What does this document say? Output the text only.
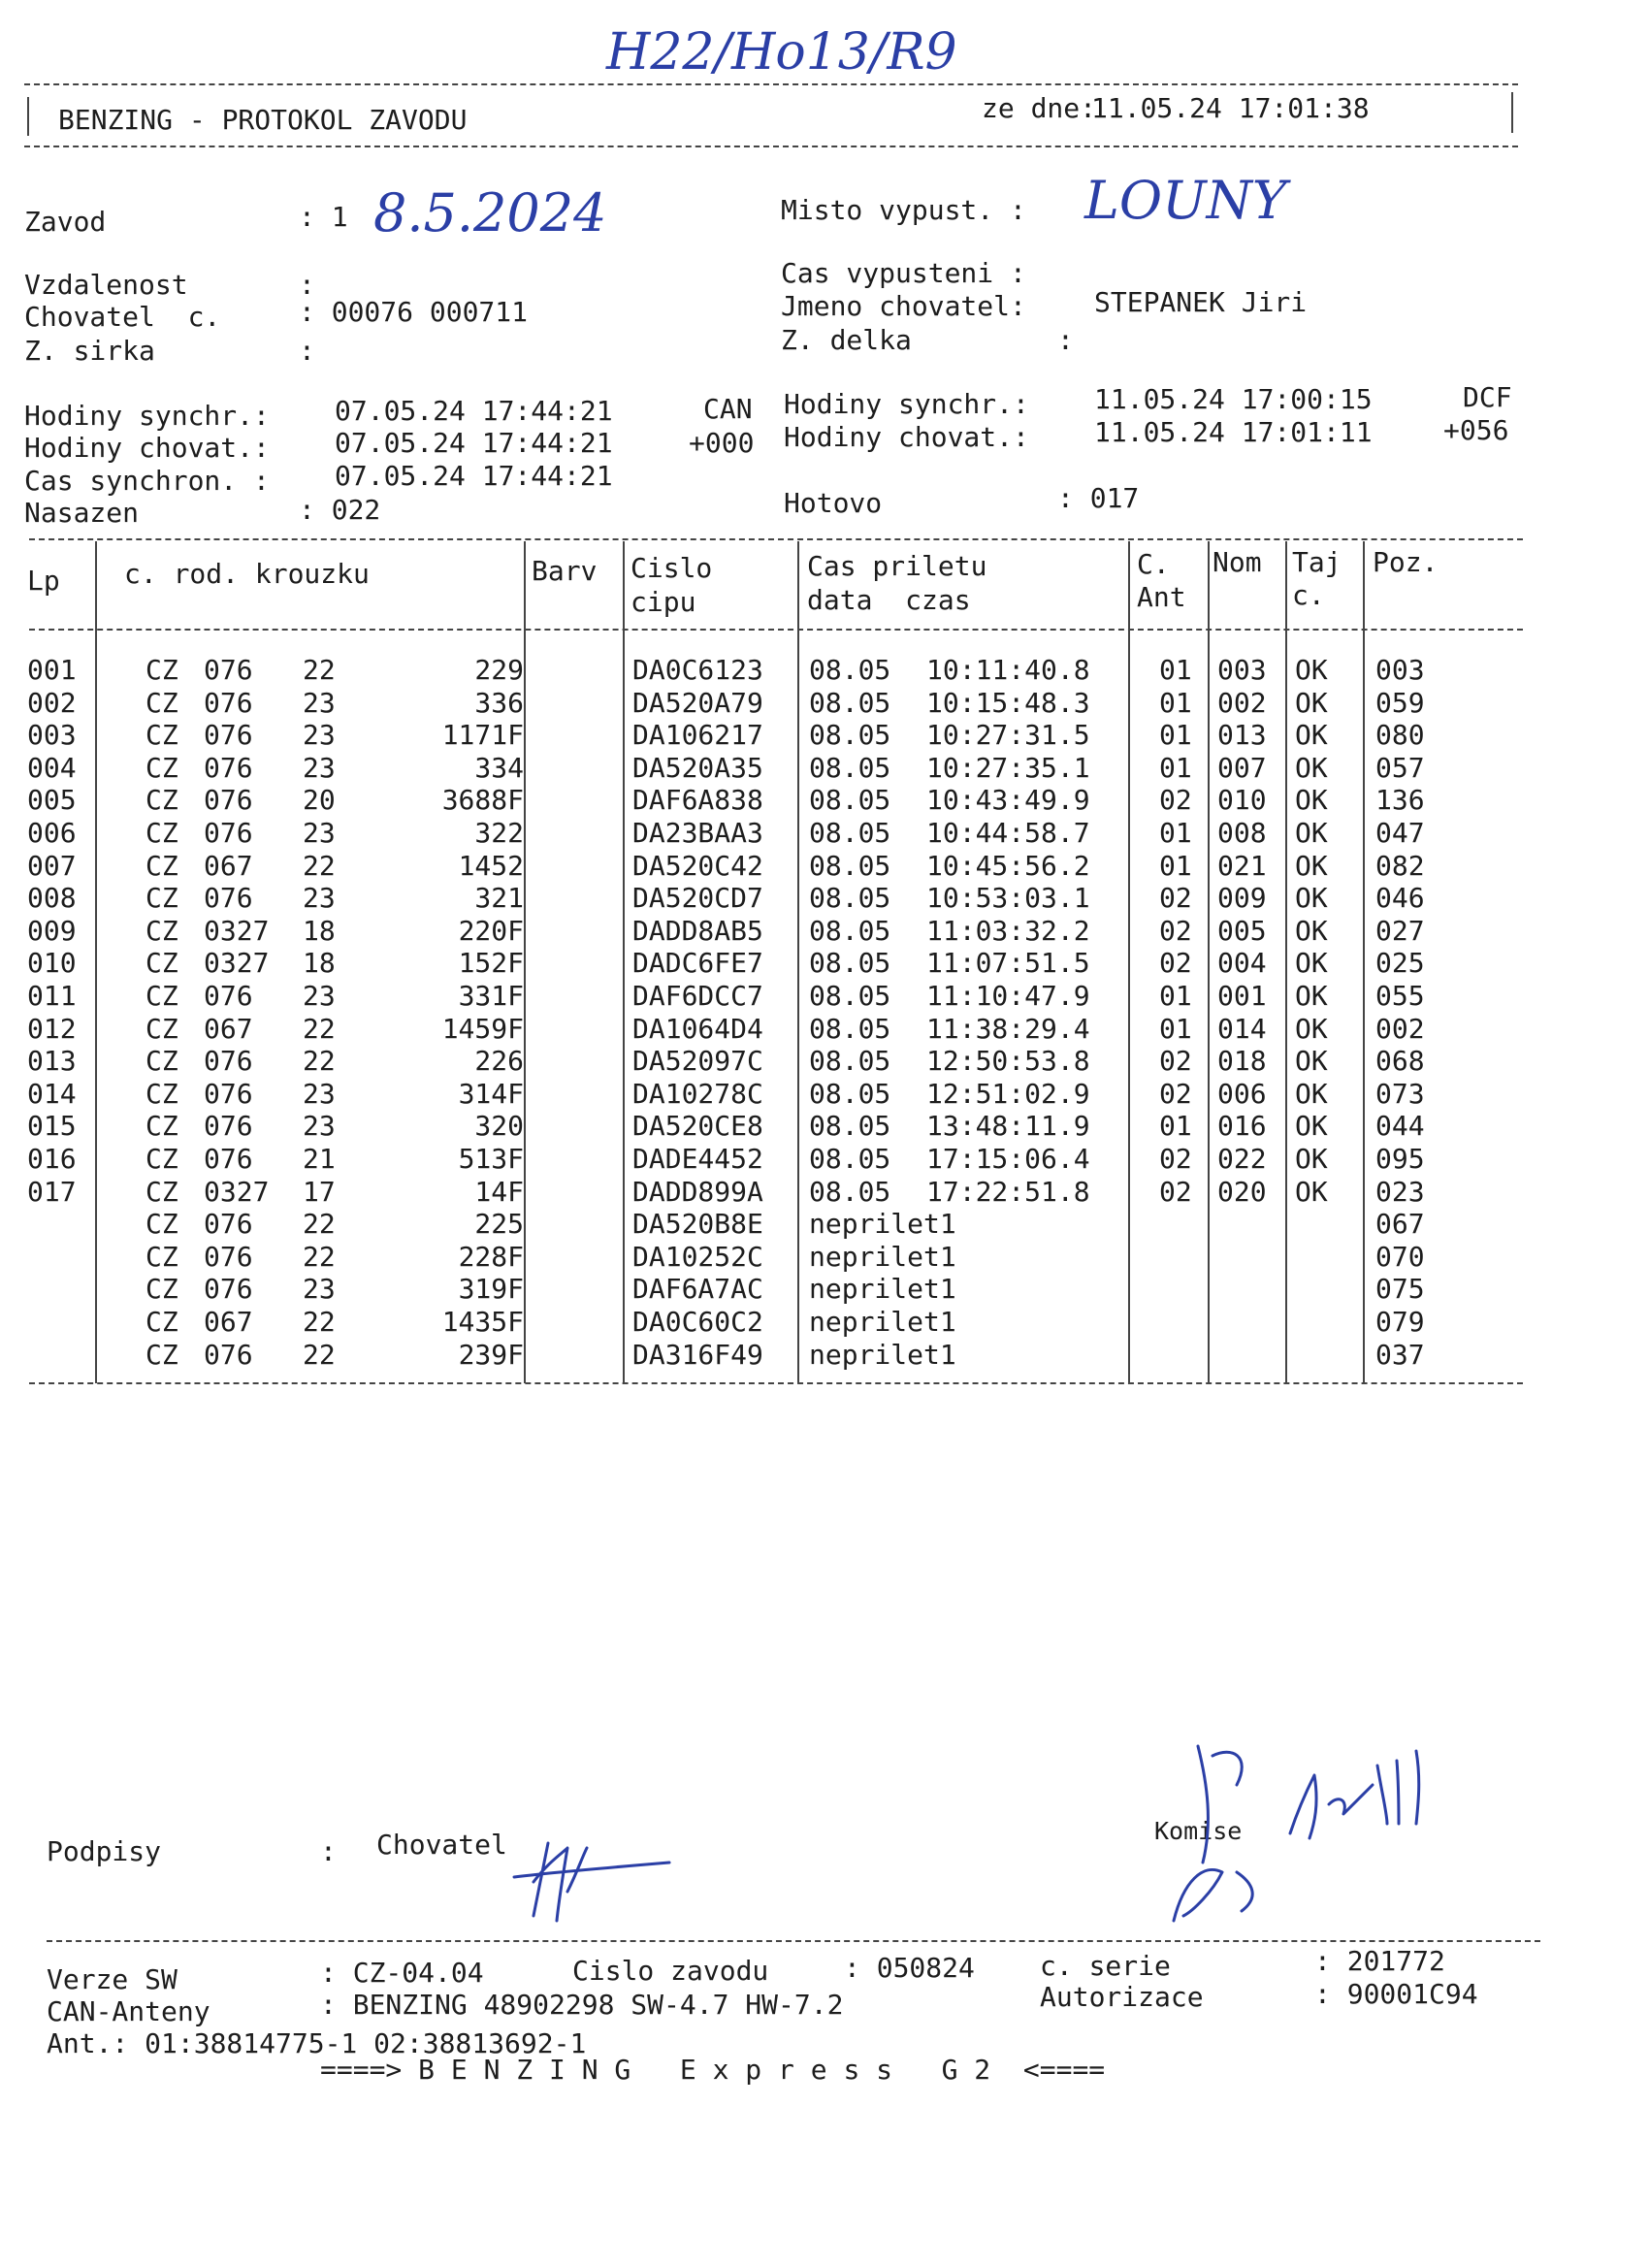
H22/Ho13/R9
BENZING - PROTOKOL ZAVODU	ze dne:
11.05.24 17:01:38
Zavod	: 1 8.5.2024
Vzdalenost	:
Chovatel  c.	: 00076 000711
Z. sirka	:
Misto vypust. : LOUNY
Cas vypusteni :
Jmeno chovatel:	STEPANEK Jiri
Z. delka	:
Hodiny synchr.: 07.05.24 17:44:21	CAN
Hodiny chovat.: 07.05.24 17:44:21	+000
Cas synchron. : 07.05.24 17:44:21
Nasazen	: 022
Hodiny synchr.: 11.05.24 17:00:15	DCF
Hodiny chovat.: 11.05.24 17:01:11	+056
Hotovo	: 017
Lp c. rod. krouzku	Barv Cislo
cipu
Cas priletu
data  czas
C.
Ant
Nom Taj
c.
Poz.
001	CZ 076 22	229	DA0C6123 08.05 10:11:40.8	01 003 OK 003
002	CZ 076 23	336	DA520A79 08.05 10:15:48.3	01 002 OK 059
003	CZ 076 23	1171F	DA106217 08.05 10:27:31.5	01 013 OK 080
004	CZ 076 23	334	DA520A35 08.05 10:27:35.1	01 007 OK 057
005	CZ 076 20	3688F	DAF6A838 08.05 10:43:49.9	02 010 OK 136
006	CZ 076 23	322	DA23BAA3 08.05 10:44:58.7	01 008 OK 047
007	CZ 067 22	1452	DA520C42 08.05 10:45:56.2	01 021 OK 082
008	CZ 076 23	321	DA520CD7 08.05 10:53:03.1	02 009 OK 046
009	CZ 0327 18	220F	DADD8AB5 08.05 11:03:32.2	02 005 OK 027
010	CZ 0327 18	152F	DADC6FE7 08.05 11:07:51.5	02 004 OK 025
011	CZ 076 23	331F	DAF6DCC7 08.05 11:10:47.9	01 001 OK 055
012	CZ 067 22	1459F	DA1064D4 08.05 11:38:29.4	01 014 OK 002
013	CZ 076 22	226	DA52097C 08.05 12:50:53.8	02 018 OK 068
014	CZ 076 23	314F	DA10278C 08.05 12:51:02.9	02 006 OK 073
015	CZ 076 23	320	DA520CE8 08.05 13:48:11.9	01 016 OK 044
016	CZ 076 21	513F	DADE4452 08.05 17:15:06.4	02 022 OK 095
017	CZ 0327 17	14F	DADD899A 08.05 17:22:51.8	02 020 OK 023
CZ 076 22	225	DA520B8E neprilet1	067
CZ 076 22	228F	DA10252C neprilet1	070
CZ 076 23	319F	DAF6A7AC neprilet1	075
CZ 067 22	1435F	DA0C60C2 neprilet1	079
CZ 076 22	239F	DA316F49 neprilet1	037
Podpisy	: Chovatel	Komise
Verze SW	: CZ-04.04	Cislo zavodu	: 050824 c. serie	: 201772
CAN-Anteny	: BENZING 48902298 SW-4.7 HW-7.2	Autorizace	: 90001C94
Ant.: 01:38814775-1 02:38813692-1
====> B E N Z I N G   E x p r e s s   G 2  <====
